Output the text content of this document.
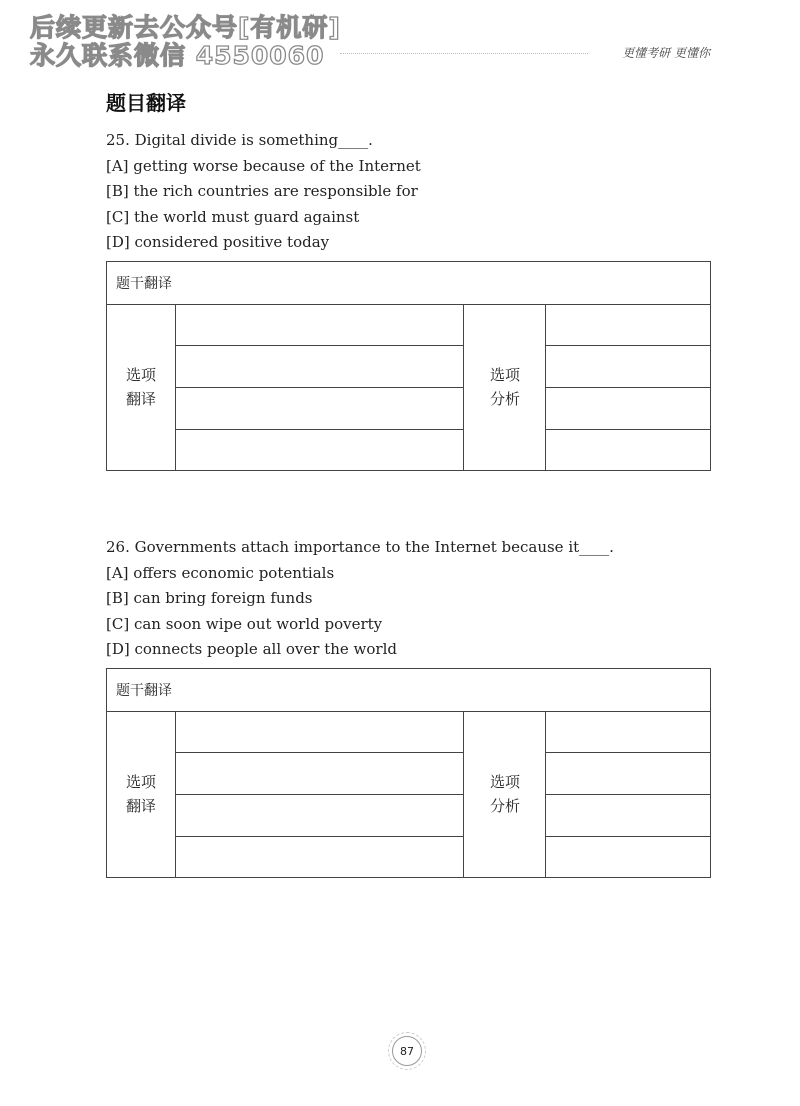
后续更新去公众号[有机研]
永久联系微信 4550060	更懂考研 更懂你
题目翻译
25. Digital divide is something____.
[A] getting worse because of the Internet
[B] the rich countries are responsible for
[C] the world must guard against
[D] considered positive today
题干翻译
选项
翻译
选项
分析
26. Governments attach importance to the Internet because it____.
[A] offers economic potentials
[B] can bring foreign funds
[C] can soon wipe out world poverty
[D] connects people all over the world
题干翻译
选项
翻译
选项
分析
87
